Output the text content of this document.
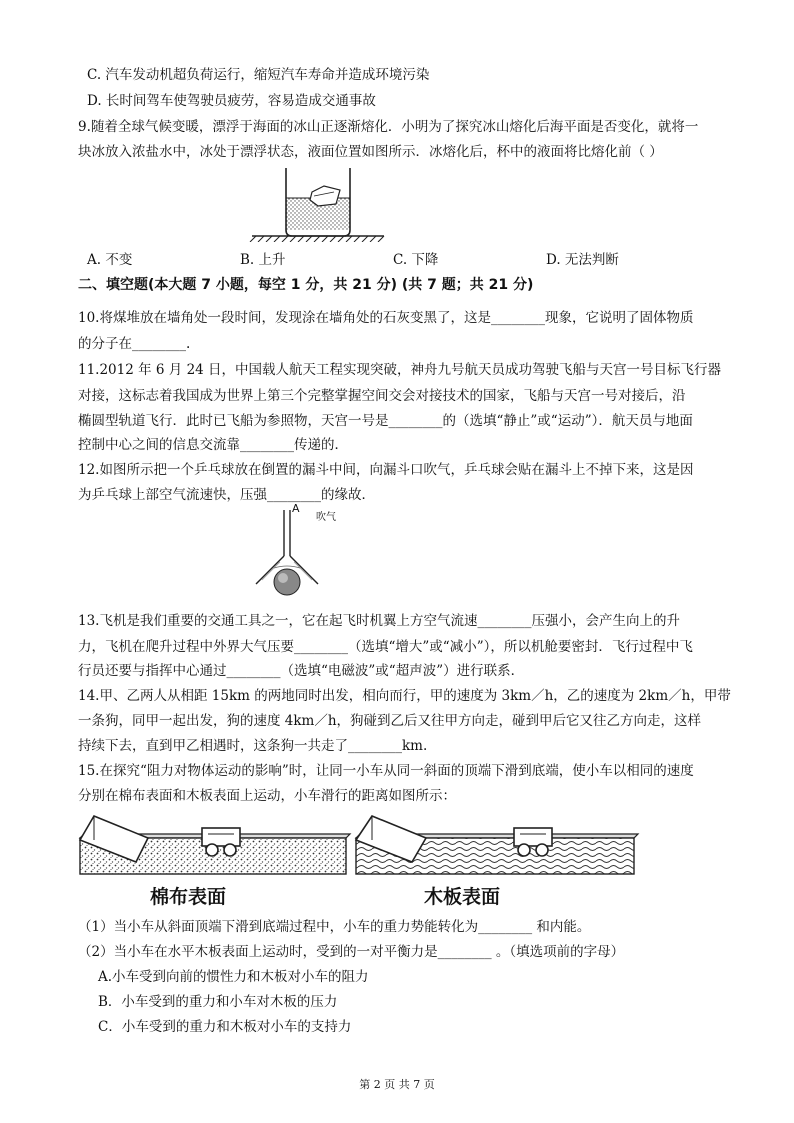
C. 汽车发动机超负荷运行，缩短汽车寿命并造成环境污染
D. 长时间驾车使驾驶员疲劳，容易造成交通事故
9.随着全球气候变暖，漂浮于海面的冰山正逐渐熔化．小明为了探究冰山熔化后海平面是否变化，就将一
块冰放入浓盐水中，冰处于漂浮状态，液面位置如图所示．冰熔化后，杯中的液面将比熔化前（ ）
A. 不变	B. 上升	C. 下降	D. 无法判断
二、填空题(本大题 7 小题，每空 1 分，共 21 分) (共 7 题；共 21 分)
10.将煤堆放在墙角处一段时间，发现涂在墙角处的石灰变黑了，这是________现象，它说明了固体物质
的分子在________.
11.2012 年 6 月 24 日，中国载人航天工程实现突破，神舟九号航天员成功驾驶飞船与天宫一号目标飞行器
对接，这标志着我国成为世界上第三个完整掌握空间交会对接技术的国家，飞船与天宫一号对接后，沿
椭圆型轨道飞行．此时已飞船为参照物，天宫一号是________的（选填“静止”或“运动”）．航天员与地面
控制中心之间的信息交流靠________传递的．
12.如图所示把一个乒乓球放在倒置的漏斗中间，向漏斗口吹气，乒乓球会贴在漏斗上不掉下来，这是因
为乒乓球上部空气流速快，压强________的缘故．
A
吹气
13.飞机是我们重要的交通工具之一，它在起飞时机翼上方空气流速________压强小，会产生向上的升
力，飞机在爬升过程中外界大气压要________（选填“增大”或“减小”），所以机舱要密封．飞行过程中飞
行员还要与指挥中心通过________（选填“电磁波”或“超声波”）进行联系．
14.甲、乙两人从相距 15km 的两地同时出发，相向而行，甲的速度为 3km／h，乙的速度为 2km／h，甲带
一条狗，同甲一起出发，狗的速度 4km／h，狗碰到乙后又往甲方向走，碰到甲后它又往乙方向走，这样
持续下去，直到甲乙相遇时，这条狗一共走了________km.
15.在探究“阻力对物体运动的影响”时，让同一小车从同一斜面的顶端下滑到底端，使小车以相同的速度
分别在棉布表面和木板表面上运动，小车滑行的距离如图所示：
棉布表面	木板表面
（1）当小车从斜面顶端下滑到底端过程中，小车的重力势能转化为________ 和内能。
（2）当小车在水平木板表面上运动时，受到的一对平衡力是________ 。（填选项前的字母）
A.小车受到向前的惯性力和木板对小车的阻力
B．小车受到的重力和小车对木板的压力
C．小车受到的重力和木板对小车的支持力
第 2 页 共 7 页
